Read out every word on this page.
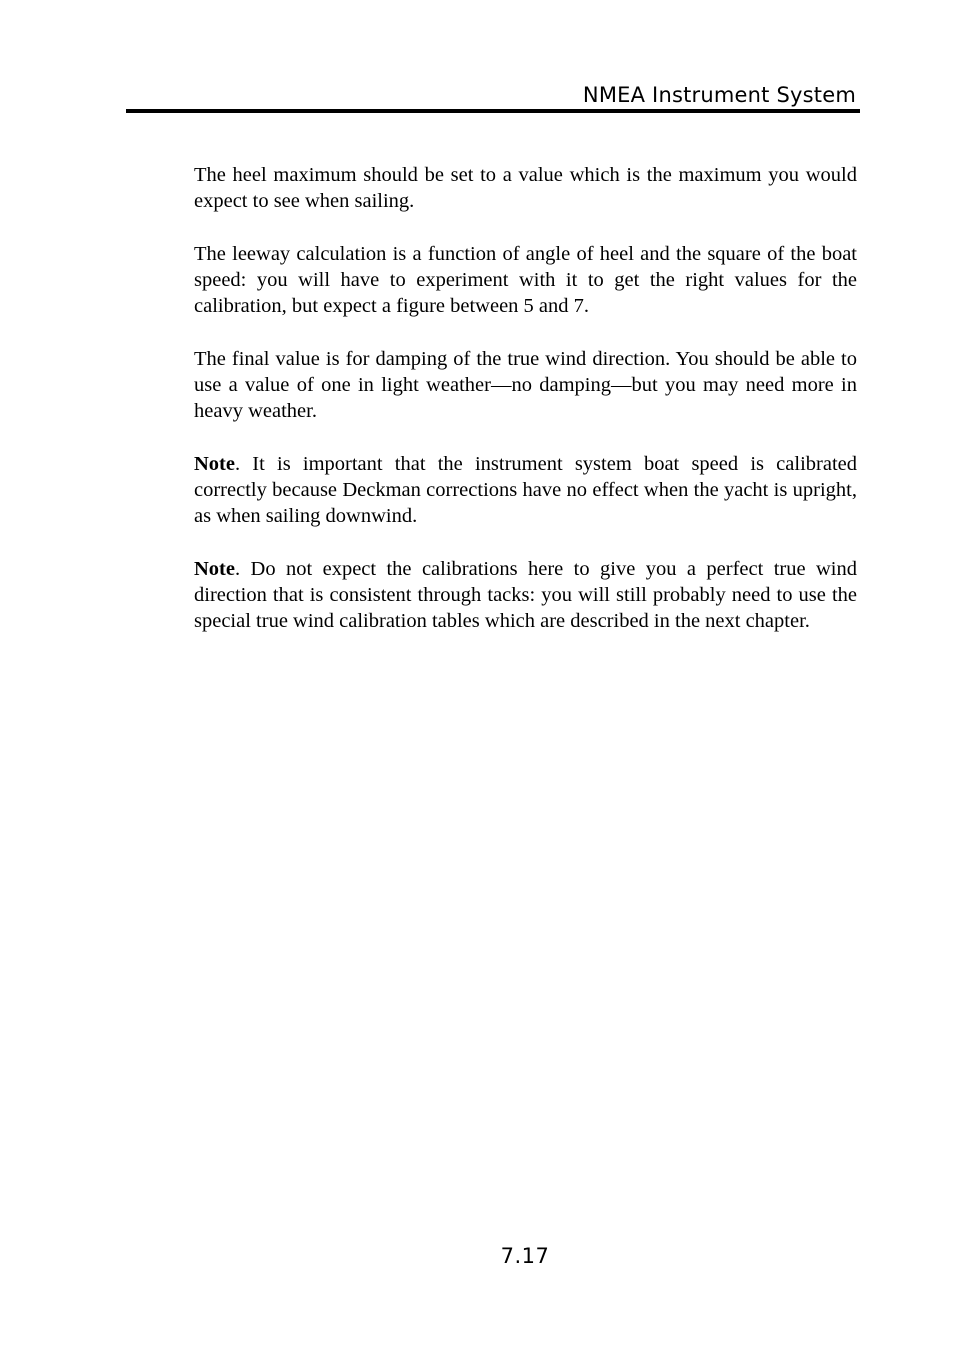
NMEA Instrument System

The heel maximum should be set to a value which is the maximum you would expect to see when sailing.

The leeway calculation is a function of angle of heel and the square of the boat speed: you will have to experiment with it to get the right values for the calibration, but expect a figure between 5 and 7.

The final value is for damping of the true wind direction. You should be able to use a value of one in light weather—no damping—but you may need more in heavy weather.

Note. It is important that the instrument system boat speed is calibrated correctly because Deckman corrections have no effect when the yacht is upright, as when sailing downwind.

Note. Do not expect the calibrations here to give you a perfect true wind direction that is consistent through tacks: you will still probably need to use the special true wind calibration tables which are described in the next chapter.

7.17
